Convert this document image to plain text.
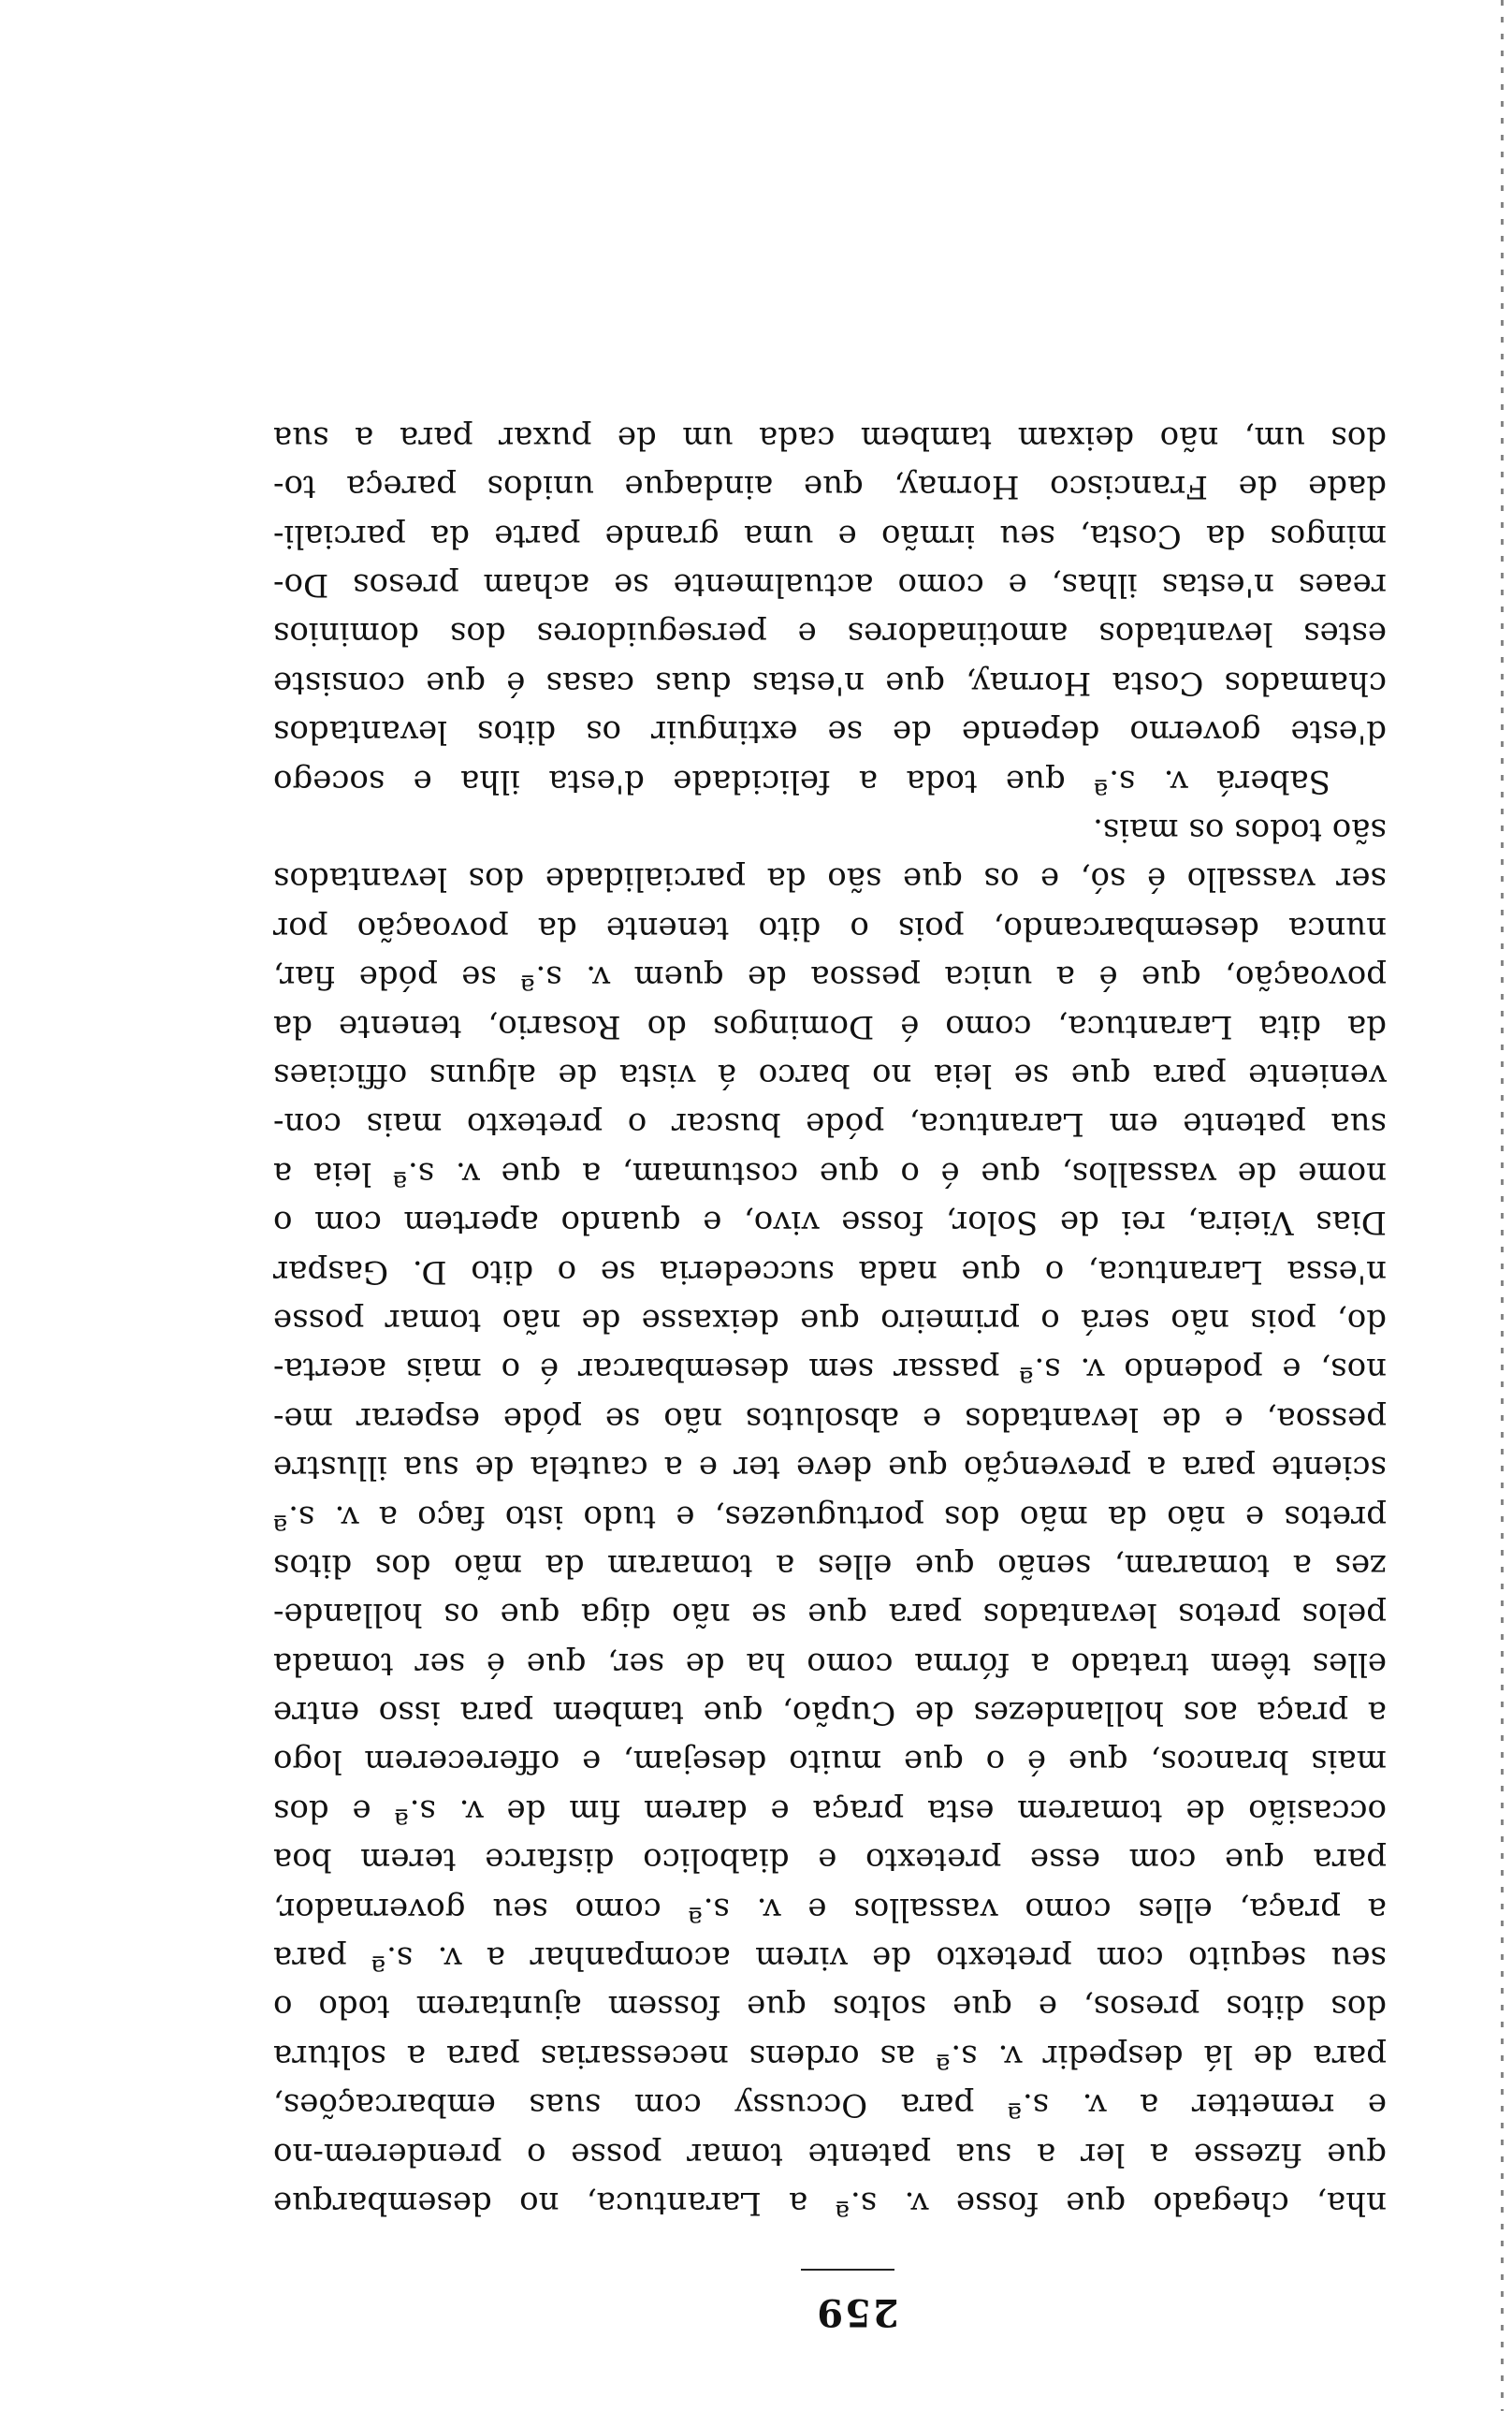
259
nha, chegado que fosse v. s.ª a Larantuca, no desembarque
que fizesse a ler a sua patente tomar posse o prenderem-no
e remetter a v. s.ª para Occussy com suas embarcações,
para de lá despedir v. s.ª as ordens necessarias para a soltura
dos ditos presos, e que soltos que fossem ajuntarem todo o
seu sequito com pretexto de virem acompanhar a v. s.ª para
a praça, elles como vassallos e v. s.ª como seu governador,
para que com esse pretexto e diabolico disfarce terem boa
occasião de tomarem esta praça e darem fim de v. s.ª e dos
mais brancos, que é o que muito desejam, e offerecerem logo
a praça aos hollandezes de Cupão, que tambem para isso entre
elles têem tratado a fórma como ha de ser, que é ser tomada
pelos pretos levantados para que se não diga que os hollande-
zes a tomaram, senão que elles a tomaram da mão dos ditos
pretos e não da mão dos portuguezes, e tudo isto faço a v. s.ª
sciente para a prevenção que deve ter e a cautela de sua illustre
pessoa, e de levantados e absolutos não se póde esperar me-
nos, e podendo v. s.ª passar sem desembarcar é o mais acerta-
do, pois não será o primeiro que deixasse de não tomar posse
n'essa Larantuca, o que nada succederia se o dito D. Gaspar
Dias Vieira, rei de Solor, fosse vivo, e quando apertem com o
nome de vassallos, que é o que costumam, a que v. s.ª leia a
sua patente em Larantuca, póde buscar o pretexto mais con-
veniente para que se leia no barco á vista de alguns officiaes
da dita Larantuca, como é Domingos do Rosario, tenente da
povoação, que é a unica pessoa de quem v. s.ª se póde fiar,
nunca desembarcando, pois o dito tenente da povoação por
ser vassallo é só, e os que são da parcialidade dos levantados
são todos os mais.
Saberá v. s.ª que toda a felicidade d'esta ilha e socego
d'este governo depende de se extinguir os ditos levantados
chamados Costa Hornay, que n'estas duas casas é que consiste
estes levantados amotinadores e perseguidores dos dominios
reaes n'estas ilhas, e como actualmente se acham presos Do-
mingos da Costa, seu irmão e uma grande parte da parciali-
dade de Francisco Hornay, que aindaque unidos pareça to-
dos um, não deixam tambem cada um de puxar para a sua
